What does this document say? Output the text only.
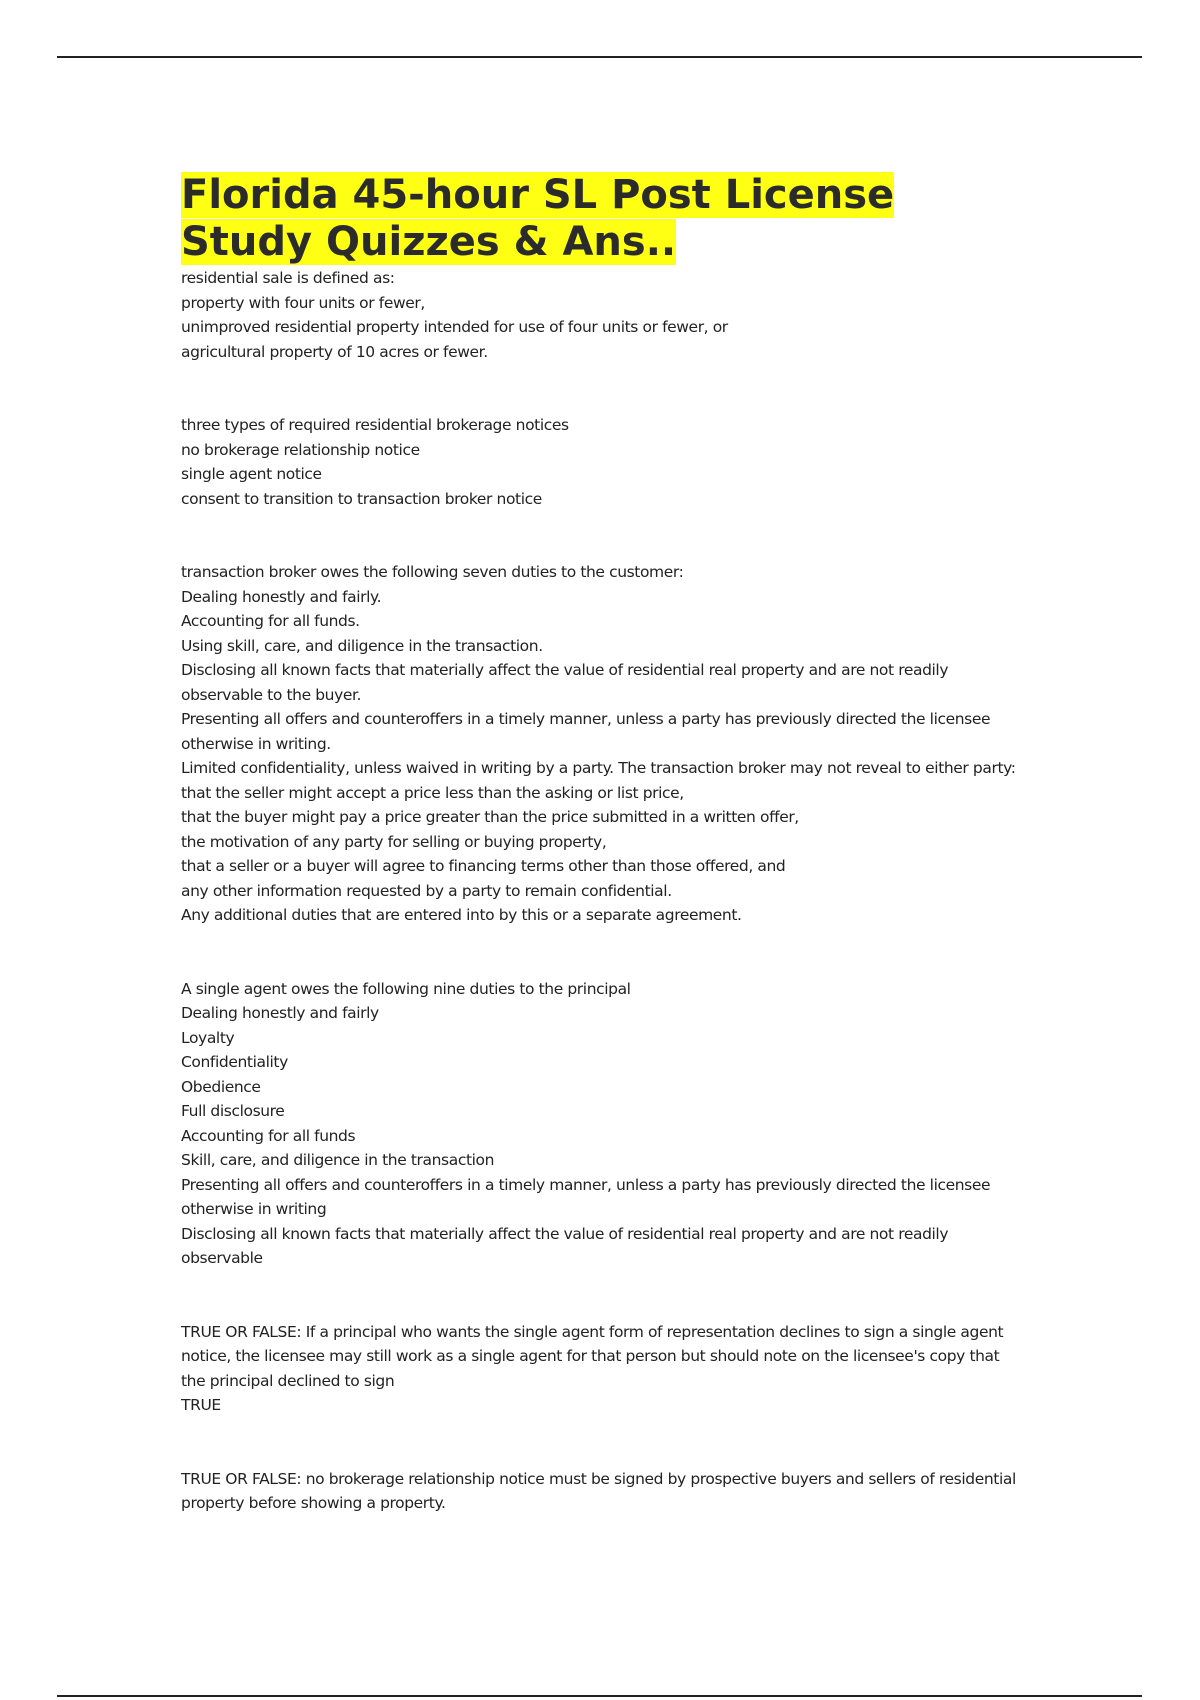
Florida 45-hour SL Post License
Study Quizzes & Ans..
residential sale is defined as:
property with four units or fewer,
unimproved residential property intended for use of four units or fewer, or
agricultural property of 10 acres or fewer.
three types of required residential brokerage notices
no brokerage relationship notice
single agent notice
consent to transition to transaction broker notice
transaction broker owes the following seven duties to the customer:
Dealing honestly and fairly.
Accounting for all funds.
Using skill, care, and diligence in the transaction.
Disclosing all known facts that materially affect the value of residential real property and are not readily observable to the buyer.
Presenting all offers and counteroffers in a timely manner, unless a party has previously directed the licensee otherwise in writing.
Limited confidentiality, unless waived in writing by a party. The transaction broker may not reveal to either party:
that the seller might accept a price less than the asking or list price,
that the buyer might pay a price greater than the price submitted in a written offer,
the motivation of any party for selling or buying property,
that a seller or a buyer will agree to financing terms other than those offered, and
any other information requested by a party to remain confidential.
Any additional duties that are entered into by this or a separate agreement.
A single agent owes the following nine duties to the principal
Dealing honestly and fairly
Loyalty
Confidentiality
Obedience
Full disclosure
Accounting for all funds
Skill, care, and diligence in the transaction
Presenting all offers and counteroffers in a timely manner, unless a party has previously directed the licensee otherwise in writing
Disclosing all known facts that materially affect the value of residential real property and are not readily observable
TRUE OR FALSE: If a principal who wants the single agent form of representation declines to sign a single agent notice, the licensee may still work as a single agent for that person but should note on the licensee's copy that the principal declined to sign
TRUE
TRUE OR FALSE: no brokerage relationship notice must be signed by prospective buyers and sellers of residential property before showing a property.
